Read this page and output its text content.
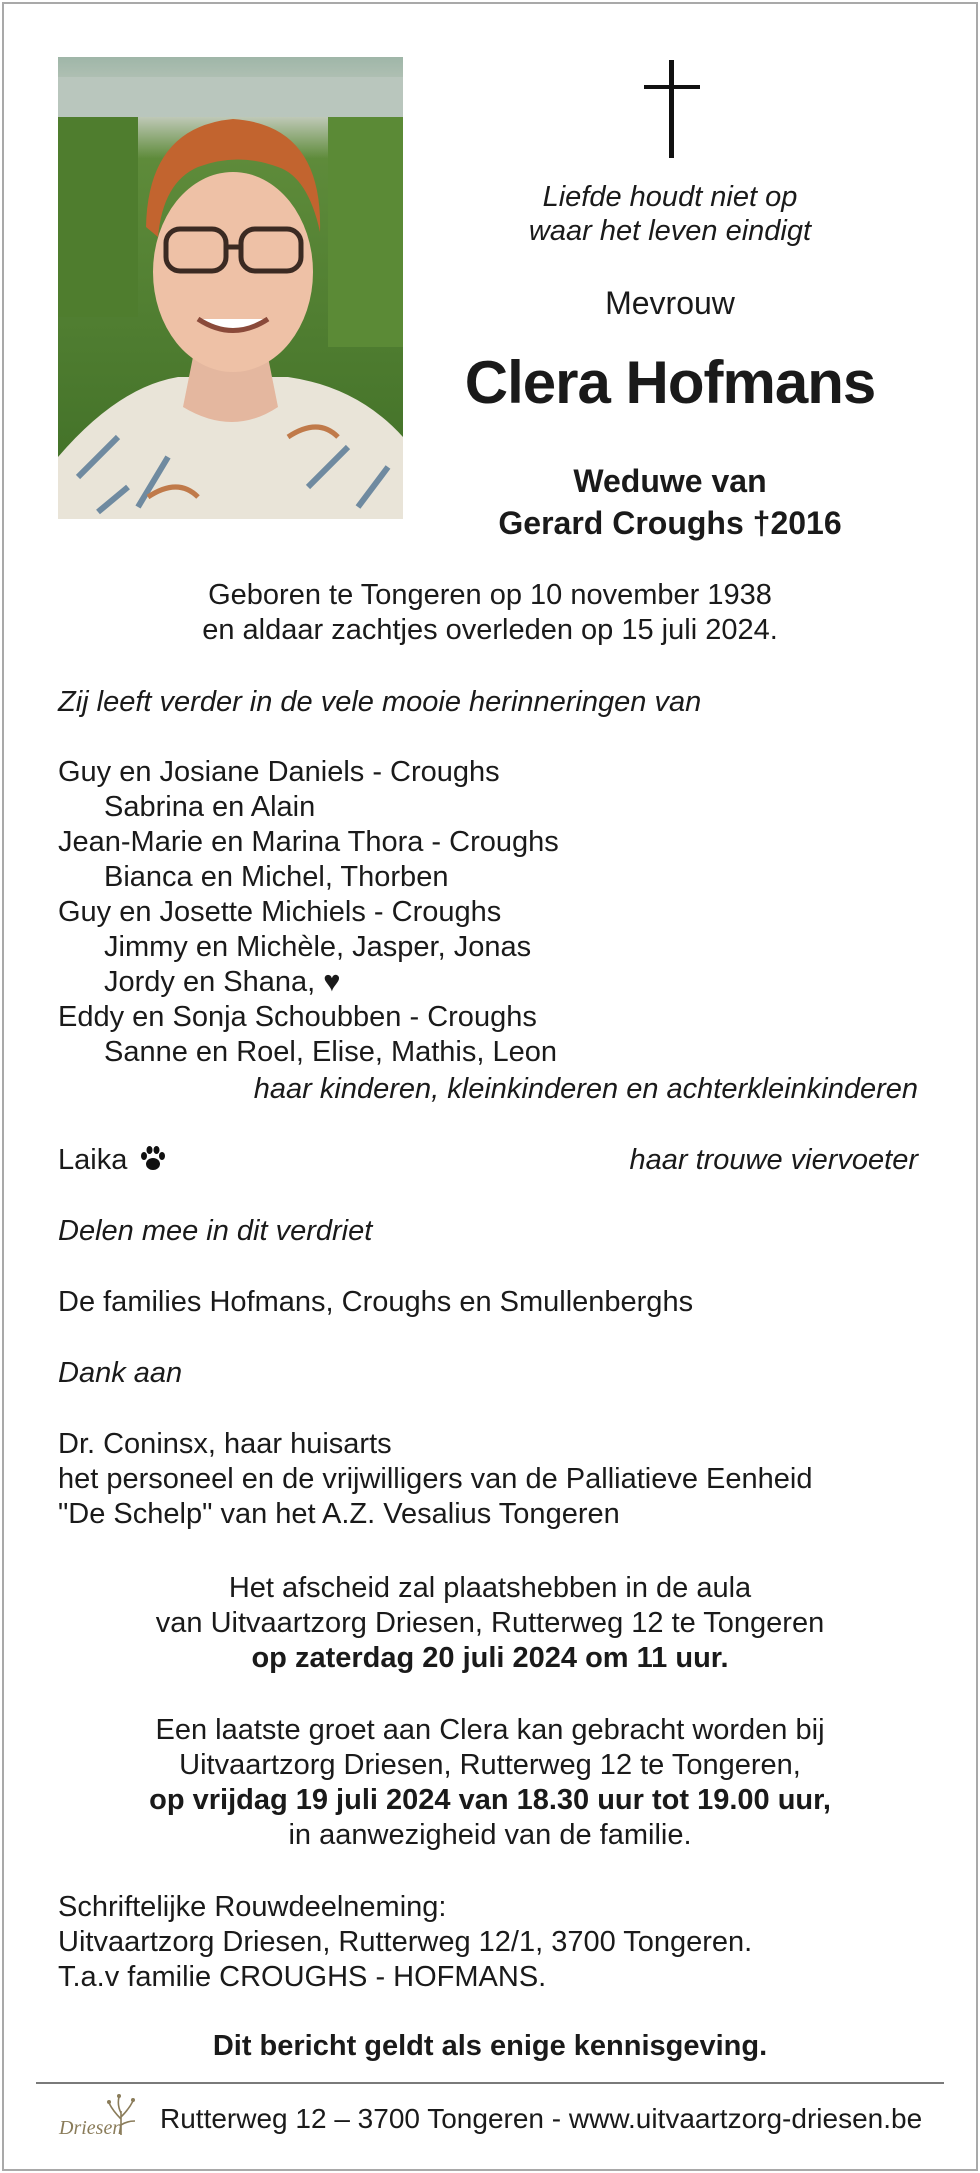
Liefde houdt niet op
waar het leven eindigt
Mevrouw
Clera Hofmans
Weduwe van
Gerard Croughs †2016
Geboren te Tongeren op 10 november 1938
en aldaar zachtjes overleden op 15 juli 2024.
Zij leeft verder in de vele mooie herinneringen van
Guy en Josiane Daniels - Croughs
Sabrina en Alain
Jean-Marie en Marina Thora - Croughs
Bianca en Michel, Thorben
Guy en Josette Michiels - Croughs
Jimmy en Michèle, Jasper, Jonas
Jordy en Shana, ♥
Eddy en Sonja Schoubben - Croughs
Sanne en Roel, Elise, Mathis, Leon
haar kinderen, kleinkinderen en achterkleinkinderen
Laika	haar trouwe viervoeter
Delen mee in dit verdriet
De families Hofmans, Croughs en Smullenberghs
Dank aan
Dr. Coninsx, haar huisarts
het personeel en de vrijwilligers van de Palliatieve Eenheid
"De Schelp" van het A.Z. Vesalius Tongeren
Het afscheid zal plaatshebben in de aula
van Uitvaartzorg Driesen, Rutterweg 12 te Tongeren
op zaterdag 20 juli 2024 om 11 uur.
Een laatste groet aan Clera kan gebracht worden bij
Uitvaartzorg Driesen, Rutterweg 12 te Tongeren,
op vrijdag 19 juli 2024 van 18.30 uur tot 19.00 uur,
in aanwezigheid van de familie.
Schriftelijke Rouwdeelneming:
Uitvaartzorg Driesen, Rutterweg 12/1, 3700 Tongeren.
T.a.v familie CROUGHS - HOFMANS.
Dit bericht geldt als enige kennisgeving.
Driesen Rutterweg 12 – 3700 Tongeren - www.uitvaartzorg-driesen.be
